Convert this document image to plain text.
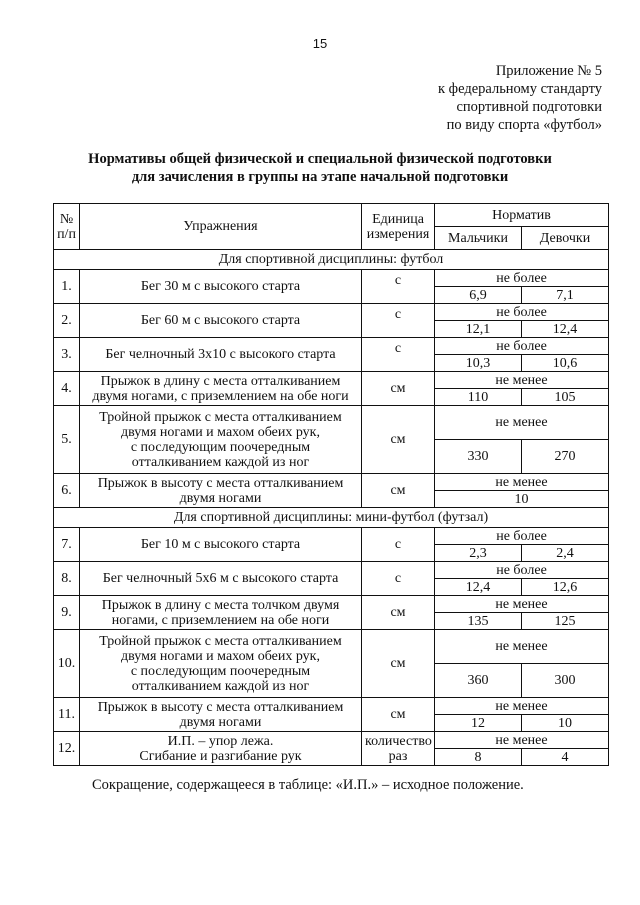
15
Приложение № 5
к федеральному стандарту
спортивной подготовки
по виду спорта «футбол»
Нормативы общей физической и специальной физической подготовки
для зачисления в группы на этапе начальной подготовки
№
п/п	Упражнения	Единица
измерения	Норматив	
			Мальчики	Девочки
Для спортивной дисциплины: футбол				
1.	Бег 30 м с высокого старта	с	не более	
			6,9	7,1
2.	Бег 60 м с высокого старта	с	не более	
			12,1	12,4
3.	Бег челночный 3х10 с высокого старта	с	не более	
			10,3	10,6
4.	Прыжок в длину с места отталкиванием
двумя ногами, с приземлением на обе ноги	см	не менее	
			110	105
5.	Тройной прыжок с места отталкиванием
двумя ногами и махом обеих рук,
с последующим поочередным
отталкиванием каждой из ног	см	не менее	
			330	270
6.	Прыжок в высоту с места отталкиванием
двумя ногами	см	не менее	
			10	
Для спортивной дисциплины: мини-футбол (футзал)				
7.	Бег 10 м с высокого старта	с	не более	
			2,3	2,4
8.	Бег челночный 5х6 м с высокого старта	с	не более	
			12,4	12,6
9.	Прыжок в длину с места толчком двумя
ногами, с приземлением на обе ноги	см	не менее	
			135	125
10.	Тройной прыжок с места отталкиванием
двумя ногами и махом обеих рук,
с последующим поочередным
отталкиванием каждой из ног	см	не менее	
			360	300
11.	Прыжок в высоту с места отталкиванием
двумя ногами	см	не менее	
			12	10
12.	И.П. – упор лежа.
Сгибание и разгибание рук	количество
раз	не менее	
			8	4
Сокращение, содержащееся в таблице: «И.П.» – исходное положение.
